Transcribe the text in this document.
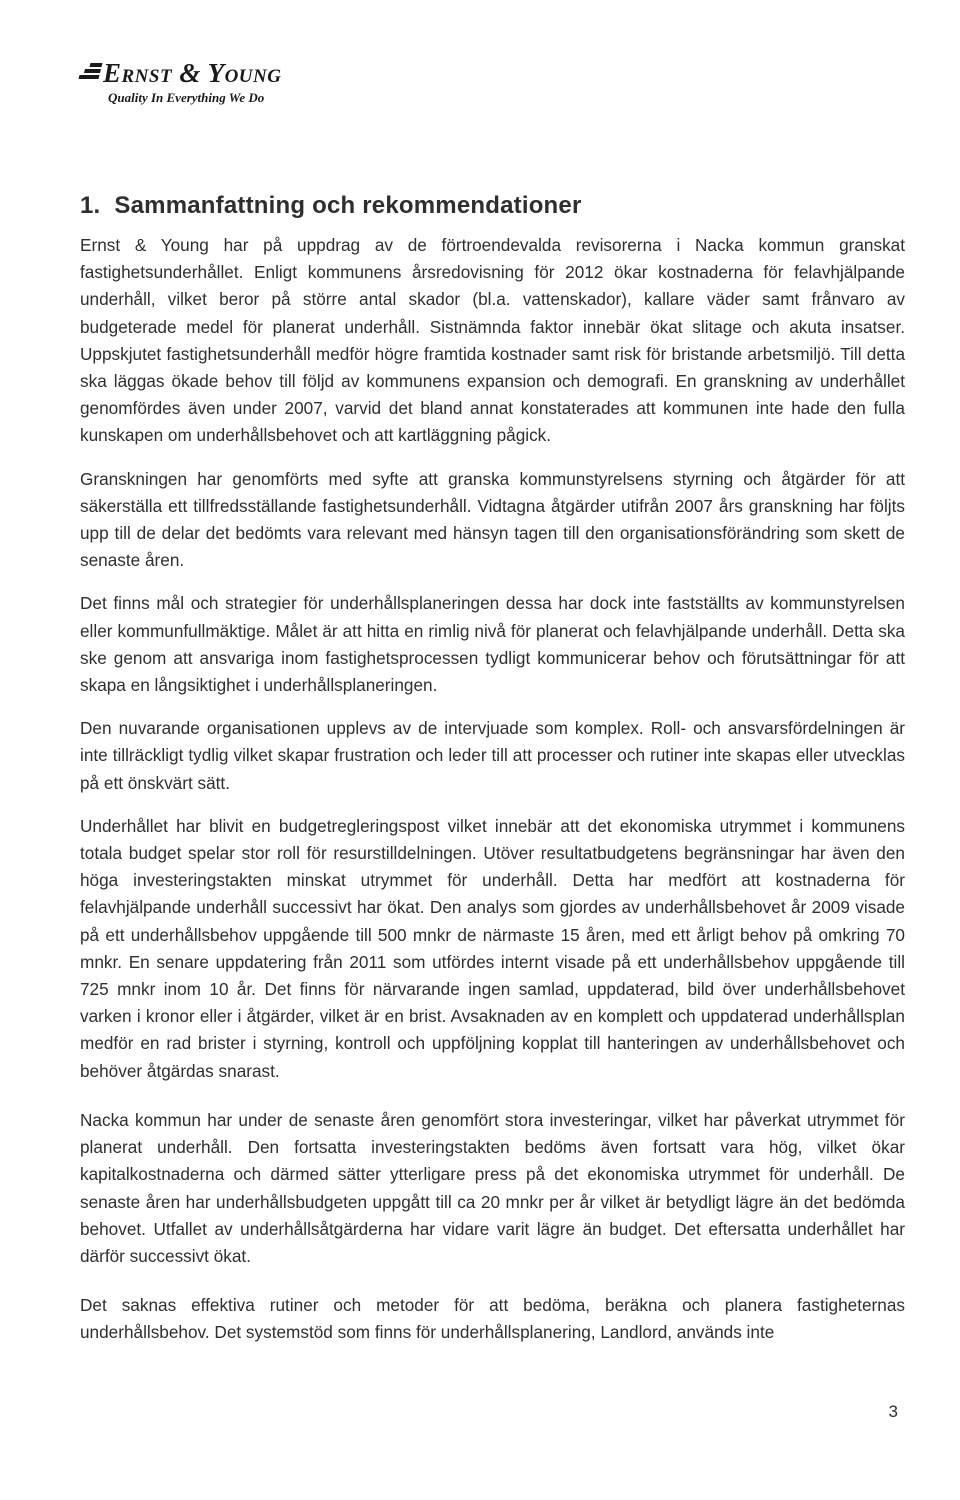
Ernst & Young
Quality In Everything We Do
1. Sammanfattning och rekommendationer

Ernst & Young har på uppdrag av de förtroendevalda revisorerna i Nacka kommun granskat fastighetsunderhållet. Enligt kommunens årsredovisning för 2012 ökar kostnaderna för felavhjälpande underhåll, vilket beror på större antal skador (bl.a. vattenskador), kallare väder samt frånvaro av budgeterade medel för planerat underhåll. Sistnämnda faktor innebär ökat slitage och akuta insatser. Uppskjutet fastighetsunderhåll medför högre framtida kostnader samt risk för bristande arbetsmiljö. Till detta ska läggas ökade behov till följd av kommunens expansion och demografi. En granskning av underhållet genomfördes även under 2007, varvid det bland annat konstaterades att kommunen inte hade den fulla kunskapen om underhållsbehovet och att kartläggning pågick.

Granskningen har genomförts med syfte att granska kommunstyrelsens styrning och åtgärder för att säkerställa ett tillfredsställande fastighetsunderhåll. Vidtagna åtgärder utifrån 2007 års granskning har följts upp till de delar det bedömts vara relevant med hänsyn tagen till den organisationsförändring som skett de senaste åren.

Det finns mål och strategier för underhållsplaneringen dessa har dock inte fastställts av kommunstyrelsen eller kommunfullmäktige. Målet är att hitta en rimlig nivå för planerat och felavhjälpande underhåll. Detta ska ske genom att ansvariga inom fastighetsprocessen tydligt kommunicerar behov och förutsättningar för att skapa en långsiktighet i underhållsplaneringen.

Den nuvarande organisationen upplevs av de intervjuade som komplex. Roll- och ansvarsfördelningen är inte tillräckligt tydlig vilket skapar frustration och leder till att processer och rutiner inte skapas eller utvecklas på ett önskvärt sätt.

Underhållet har blivit en budgetregleringspost vilket innebär att det ekonomiska utrymmet i kommunens totala budget spelar stor roll för resurstilldelningen. Utöver resultatbudgetens begränsningar har även den höga investeringstakten minskat utrymmet för underhåll. Detta har medfört att kostnaderna för felavhjälpande underhåll successivt har ökat. Den analys som gjordes av underhållsbehovet år 2009 visade på ett underhållsbehov uppgående till 500 mnkr de närmaste 15 åren, med ett årligt behov på omkring 70 mnkr. En senare uppdatering från 2011 som utfördes internt visade på ett underhållsbehov uppgående till 725 mnkr inom 10 år. Det finns för närvarande ingen samlad, uppdaterad, bild över underhållsbehovet varken i kronor eller i åtgärder, vilket är en brist. Avsaknaden av en komplett och uppdaterad underhållsplan medför en rad brister i styrning, kontroll och uppföljning kopplat till hanteringen av underhållsbehovet och behöver åtgärdas snarast.

Nacka kommun har under de senaste åren genomfört stora investeringar, vilket har påverkat utrymmet för planerat underhåll. Den fortsatta investeringstakten bedöms även fortsatt vara hög, vilket ökar kapitalkostnaderna och därmed sätter ytterligare press på det ekonomiska utrymmet för underhåll. De senaste åren har underhållsbudgeten uppgått till ca 20 mnkr per år vilket är betydligt lägre än det bedömda behovet. Utfallet av underhållsåtgärderna har vidare varit lägre än budget. Det eftersatta underhållet har därför successivt ökat.

Det saknas effektiva rutiner och metoder för att bedöma, beräkna och planera fastigheternas underhållsbehov. Det systemstöd som finns för underhållsplanering, Landlord, används inte

3
